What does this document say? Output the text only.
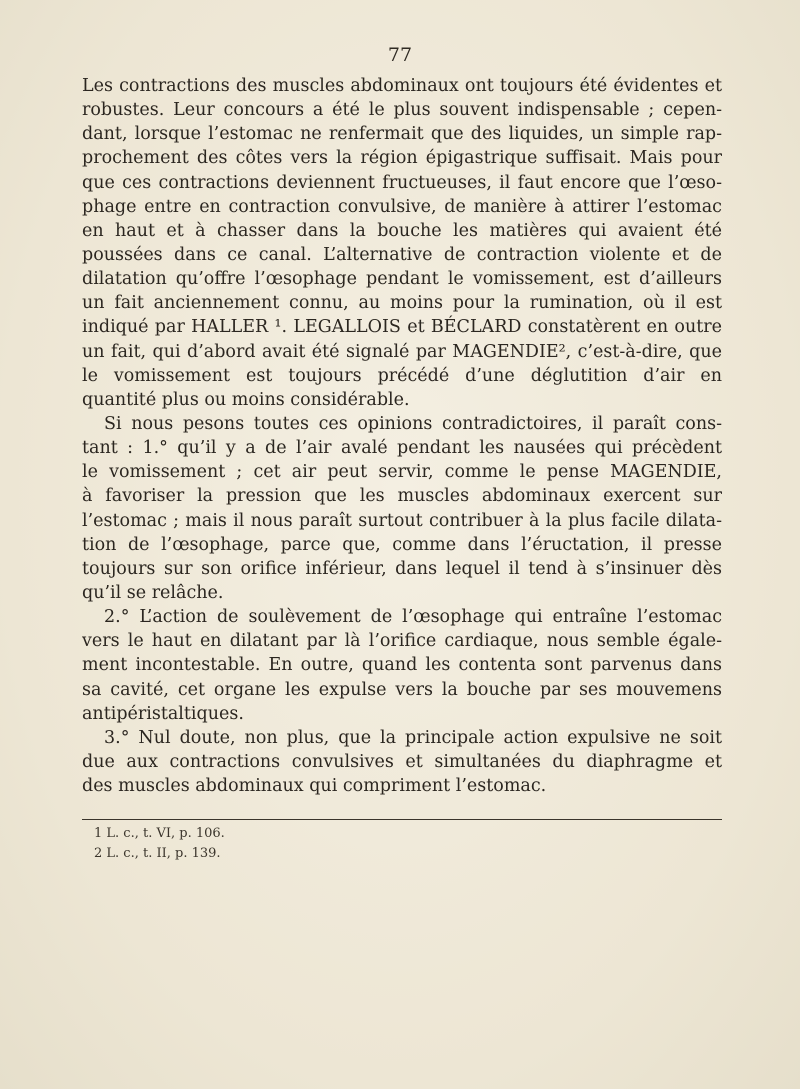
77
Les contractions des muscles abdominaux ont toujours été évidentes et
robustes. Leur concours a été le plus souvent indispensable ; cepen-
dant, lorsque l’estomac ne renfermait que des liquides, un simple rap-
prochement des côtes vers la région épigastrique suffisait. Mais pour
que ces contractions deviennent fructueuses, il faut encore que l’œso-
phage entre en contraction convulsive, de manière à attirer l’estomac
en haut et à chasser dans la bouche les matières qui avaient été
poussées dans ce canal. L’alternative de contraction violente et de
dilatation qu’offre l’œsophage pendant le vomissement, est d’ailleurs
un fait anciennement connu, au moins pour la rumination, où il est
indiqué par HALLER ¹. LEGALLOIS et BÉCLARD constatèrent en outre
un fait, qui d’abord avait été signalé par MAGENDIE², c’est-à-dire, que
le vomissement est toujours précédé d’une déglutition d’air en
quantité plus ou moins considérable.
Si nous pesons toutes ces opinions contradictoires, il paraît cons-
tant : 1.° qu’il y a de l’air avalé pendant les nausées qui précèdent
le vomissement ; cet air peut servir, comme le pense MAGENDIE,
à favoriser la pression que les muscles abdominaux exercent sur
l’estomac ; mais il nous paraît surtout contribuer à la plus facile dilata-
tion de l’œsophage, parce que, comme dans l’éructation, il presse
toujours sur son orifice inférieur, dans lequel il tend à s’insinuer dès
qu’il se relâche.
2.° L’action de soulèvement de l’œsophage qui entraîne l’estomac
vers le haut en dilatant par là l’orifice cardiaque, nous semble égale-
ment incontestable. En outre, quand les contenta sont parvenus dans
sa cavité, cet organe les expulse vers la bouche par ses mouvemens
antipéristaltiques.
3.° Nul doute, non plus, que la principale action expulsive ne soit
due aux contractions convulsives et simultanées du diaphragme et
des muscles abdominaux qui compriment l’estomac.
1 L. c., t. VI, p. 106.
2 L. c., t. II, p. 139.
